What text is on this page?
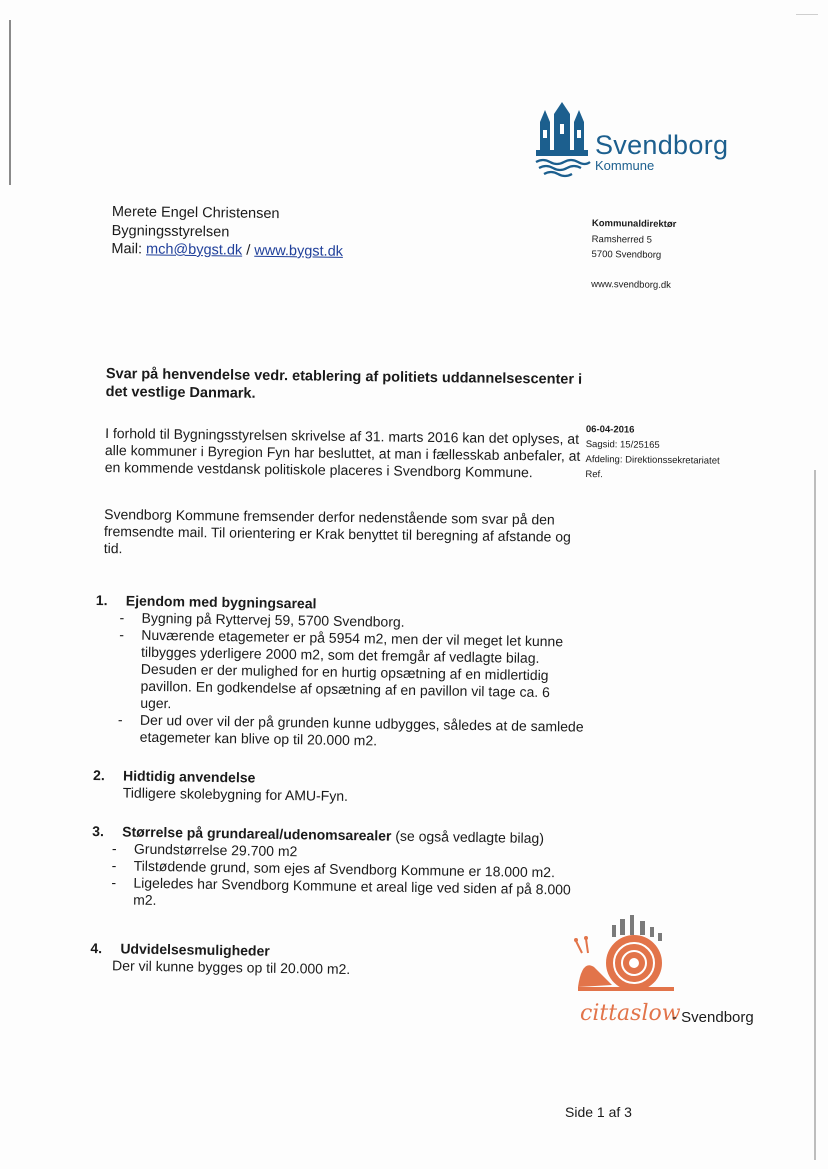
Svendborg
Kommune
Merete Engel Christensen
Bygningsstyrelsen
Mail: mch@bygst.dk / www.bygst.dk
Kommunaldirektør
Ramsherred 5
5700 Svendborg
www.svendborg.dk
06-04-2016
Sagsid: 15/25165
Afdeling: Direktionssekretariatet
Ref.
Svar på henvendelse vedr. etablering af politiets uddannelsescenter i det vestlige Danmark.
I forhold til Bygningsstyrelsen skrivelse af 31. marts 2016 kan det oplyses, at alle kommuner i Byregion Fyn har besluttet, at man i fællesskab anbefaler, at en kommende vestdansk politiskole placeres i Svendborg Kommune.
Svendborg Kommune fremsender derfor nedenstående som svar på den fremsendte mail. Til orientering er Krak benyttet til beregning af afstande og tid.
1.	Ejendom med bygningsareal
-	Bygning på Ryttervej 59, 5700 Svendborg.
-	Nuværende etagemeter er på 5954 m2, men der vil meget let kunne tilbygges yderligere 2000 m2, som det fremgår af vedlagte bilag. Desuden er der mulighed for en hurtig opsætning af en midlertidig pavillon. En godkendelse af opsætning af en pavillon vil tage ca. 6 uger.
-	Der ud over vil der på grunden kunne udbygges, således at de samlede etagemeter kan blive op til 20.000 m2.
2.	Hidtidig anvendelse
Tidligere skolebygning for AMU-Fyn.
3.	Størrelse på grundareal/udenomsarealer (se også vedlagte bilag)
-	Grundstørrelse 29.700 m2
-	Tilstødende grund, som ejes af Svendborg Kommune er 18.000 m2.
-	Ligeledes har Svendborg Kommune et areal lige ved siden af på 8.000 m2.
4.	Udvidelsesmuligheder
Der vil kunne bygges op til 20.000 m2.
cittaslow
- Svendborg
Side 1 af 3
